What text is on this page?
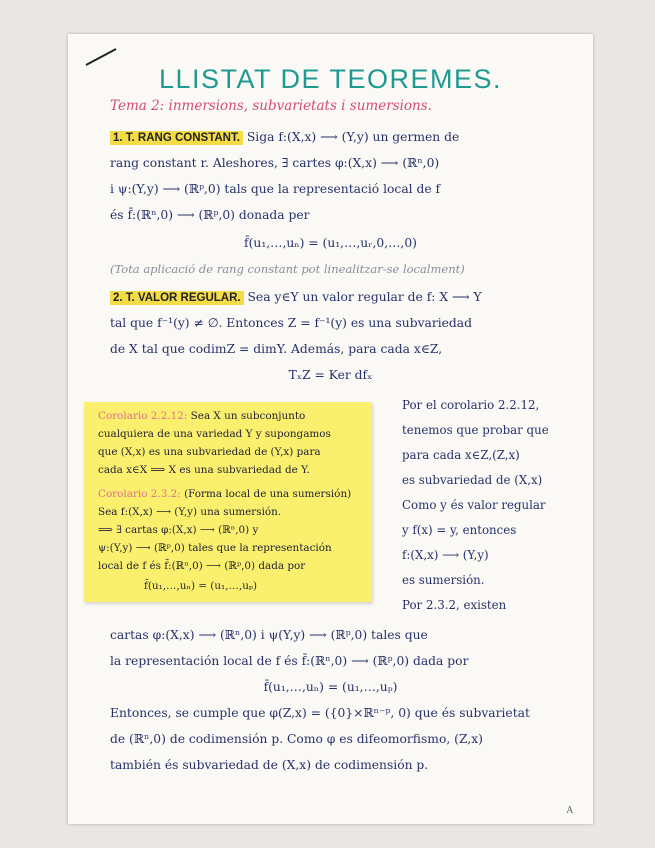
LLISTAT DE TEOREMES.
Tema 2: inmersions, subvarietats i sumersions.
1. T. RANG CONSTANT. Siga f:(X,x) ⟶ (Y,y) un germen de
rang constant r. Aleshores, ∃ cartes φ:(X,x) ⟶ (ℝⁿ,0)
i ψ:(Y,y) ⟶ (ℝᵖ,0) tals que la representació local de f
és f̄:(ℝⁿ,0) ⟶ (ℝᵖ,0) donada per
f̄(u₁,…,uₙ) = (u₁,…,uᵣ,0,…,0)
(Tota aplicació de rang constant pot linealitzar-se localment)
2. T. VALOR REGULAR. Sea y∈Y un valor regular de f: X ⟶ Y
tal que f⁻¹(y) ≠ ∅. Entonces Z = f⁻¹(y) es una subvariedad
de X tal que codimZ = dimY. Además, para cada x∈Z,
TₓZ = Ker dfₓ
Corolario 2.2.12: Sea X un subconjunto
cualquiera de una variedad Y y supongamos
que (X,x) es una subvariedad de (Y,x) para
cada x∈X ⟹ X es una subvariedad de Y.
Corolario 2.3.2: (Forma local de una sumersión)
Sea f:(X,x) ⟶ (Y,y) una sumersión.
⟹ ∃ cartas φ:(X,x) ⟶ (ℝⁿ,0) y
ψ:(Y,y) ⟶ (ℝᵖ,0) tales que la representación
local de f és f̄:(ℝⁿ,0) ⟶ (ℝᵖ,0) dada por
f̄(u₁,…,uₙ) = (u₁,…,uₚ)
Por el corolario 2.2.12,
tenemos que probar que
para cada x∈Z,(Z,x)
es subvariedad de (X,x)
Como y és valor regular
y f(x) = y, entonces
f:(X,x) ⟶ (Y,y)
es sumersión.
Por 2.3.2, existen
cartas φ:(X,x) ⟶ (ℝⁿ,0) i ψ(Y,y) ⟶ (ℝᵖ,0) tales que
la representación local de f és f̄:(ℝⁿ,0) ⟶ (ℝᵖ,0) dada por
f̄(u₁,…,uₙ) = (u₁,…,uₚ)
Entonces, se cumple que φ(Z,x) = ({0}×ℝⁿ⁻ᵖ, 0) que és subvarietat
de (ℝⁿ,0) de codimensión p. Como φ es difeomorfismo, (Z,x)
también és subvariedad de (X,x) de codimensión p.
A
